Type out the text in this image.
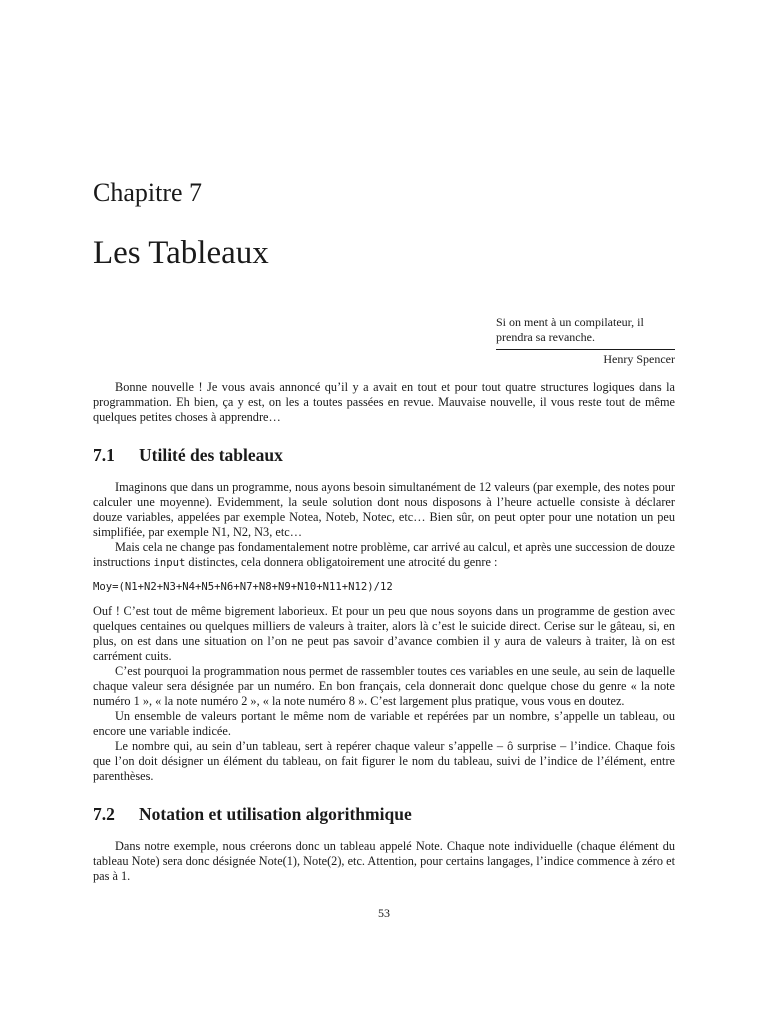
Chapitre 7
Les Tableaux
Si on ment à un compilateur, il prendra sa revanche.
Henry Spencer

Bonne nouvelle ! Je vous avais annoncé qu’il y a avait en tout et pour tout quatre structures logiques dans la programmation. Eh bien, ça y est, on les a toutes passées en revue. Mauvaise nouvelle, il vous reste tout de même quelques petites choses à apprendre…

7.1 Utilité des tableaux

Imaginons que dans un programme, nous ayons besoin simultanément de 12 valeurs (par exemple, des notes pour calculer une moyenne). Evidemment, la seule solution dont nous disposons à l’heure actuelle consiste à déclarer douze variables, appelées par exemple Notea, Noteb, Notec, etc… Bien sûr, on peut opter pour une notation un peu simplifiée, par exemple N1, N2, N3, etc…

Mais cela ne change pas fondamentalement notre problème, car arrivé au calcul, et après une succession de douze instructions input distinctes, cela donnera obligatoirement une atrocité du genre :

Moy=(N1+N2+N3+N4+N5+N6+N7+N8+N9+N10+N11+N12)/12

Ouf ! C’est tout de même bigrement laborieux. Et pour un peu que nous soyons dans un programme de gestion avec quelques centaines ou quelques milliers de valeurs à traiter, alors là c’est le suicide direct. Cerise sur le gâteau, si, en plus, on est dans une situation on l’on ne peut pas savoir d’avance combien il y aura de valeurs à traiter, là on est carrément cuits.

C’est pourquoi la programmation nous permet de rassembler toutes ces variables en une seule, au sein de laquelle chaque valeur sera désignée par un numéro. En bon français, cela donnerait donc quelque chose du genre « la note numéro 1 », « la note numéro 2 », « la note numéro 8 ». C’est largement plus pratique, vous vous en doutez.

Un ensemble de valeurs portant le même nom de variable et repérées par un nombre, s’appelle un tableau, ou encore une variable indicée.

Le nombre qui, au sein d’un tableau, sert à repérer chaque valeur s’appelle – ô surprise – l’indice. Chaque fois que l’on doit désigner un élément du tableau, on fait figurer le nom du tableau, suivi de l’indice de l’élément, entre parenthèses.

7.2 Notation et utilisation algorithmique

Dans notre exemple, nous créerons donc un tableau appelé Note. Chaque note individuelle (chaque élément du tableau Note) sera donc désignée Note(1), Note(2), etc. Attention, pour certains langages, l’indice commence à zéro et pas à 1.

53
